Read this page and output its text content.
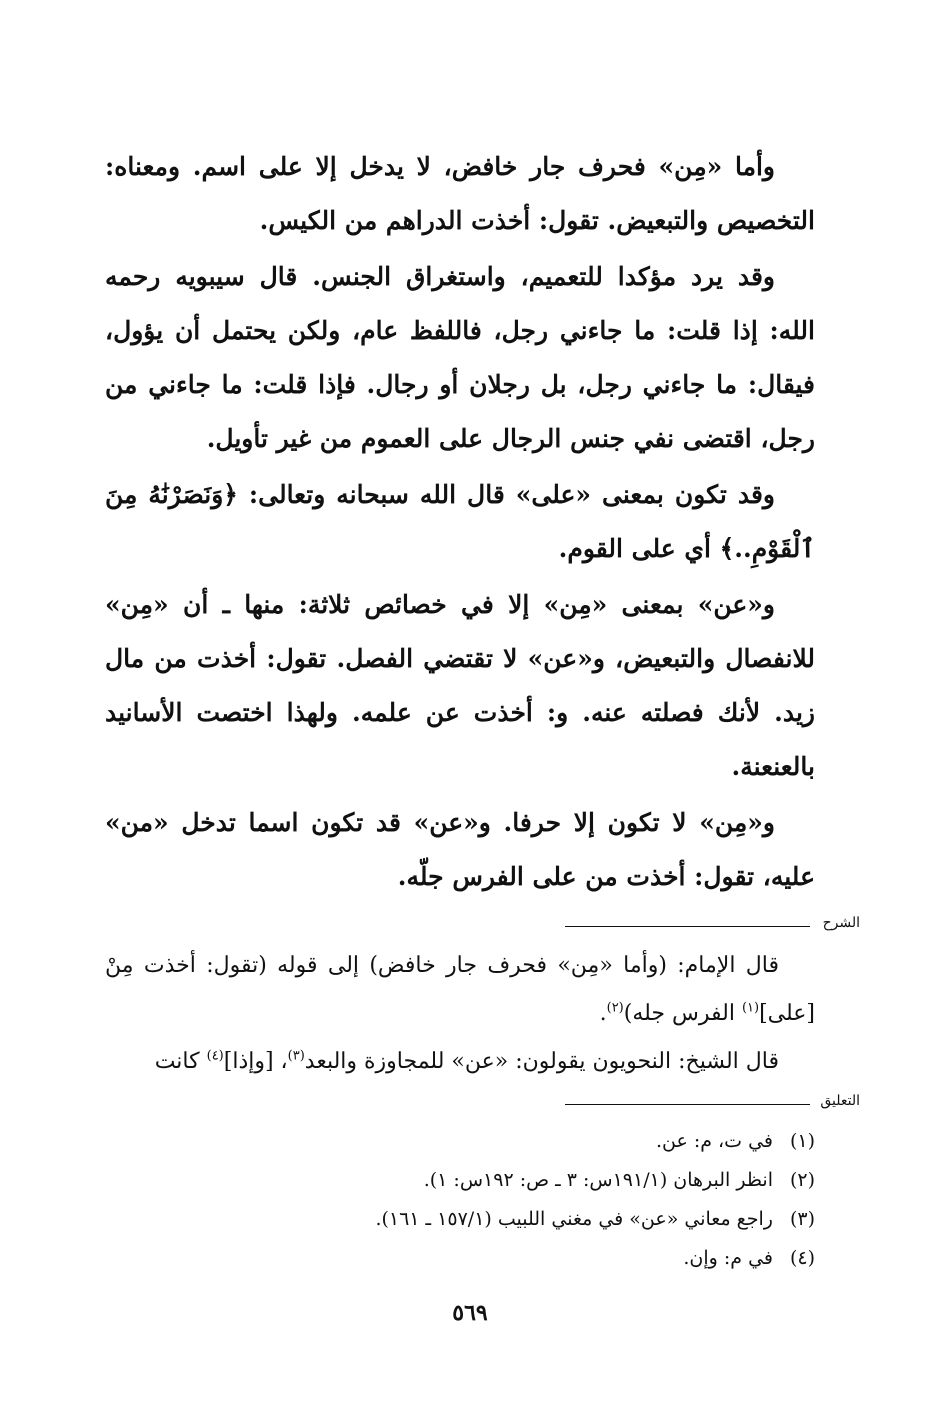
وأما «مِن» فحرف جار خافض، لا يدخل إلا على اسم. ومعناه: التخصيص والتبعيض. تقول: أخذت الدراهم من الكيس.

وقد يرد مؤكدا للتعميم، واستغراق الجنس. قال سيبويه رحمه الله: إذا قلت: ما جاءني رجل، فاللفظ عام، ولكن يحتمل أن يؤول، فيقال: ما جاءني رجل، بل رجلان أو رجال. فإذا قلت: ما جاءني من رجل، اقتضى نفي جنس الرجال على العموم من غير تأويل.

وقد تكون بمعنى «على» قال الله سبحانه وتعالى: ﴿وَنَصَرْنَٰهُ مِنَ ٱلْقَوْمِ..﴾ أي على القوم.

و«عن» بمعنى «مِن» إلا في خصائص ثلاثة: منها ـ أن «مِن» للانفصال والتبعيض، و«عن» لا تقتضي الفصل. تقول: أخذت من مال زيد. لأنك فصلته عنه. و: أخذت عن علمه. ولهذا اختصت الأسانيد بالعنعنة.

و«مِن» لا تكون إلا حرفا. و«عن» قد تكون اسما تدخل «من» عليه، تقول: أخذت من على الفرس جلّه.

الشرح

قال الإمام: (وأما «مِن» فحرف جار خافض) إلى قوله (تقول: أخذت مِنْ [على]$^{(١)}$ الفرس جله)$^{(٢)}$.

قال الشيخ: النحويون يقولون: «عن» للمجاوزة والبعد$^{(٣)}$، [وإذا]$^{(٤)}$ كانت

التعليق
(١)
في ت، م: عن.
(٢)
انظر البرهان (١٩١/١س: ٣ ـ ص: ١٩٢س: ١).
(٣)
راجع معاني «عن» في مغني اللبيب (١٥٧/١ ـ ١٦١).
(٤)
في م: وإن.
٥٦٩
